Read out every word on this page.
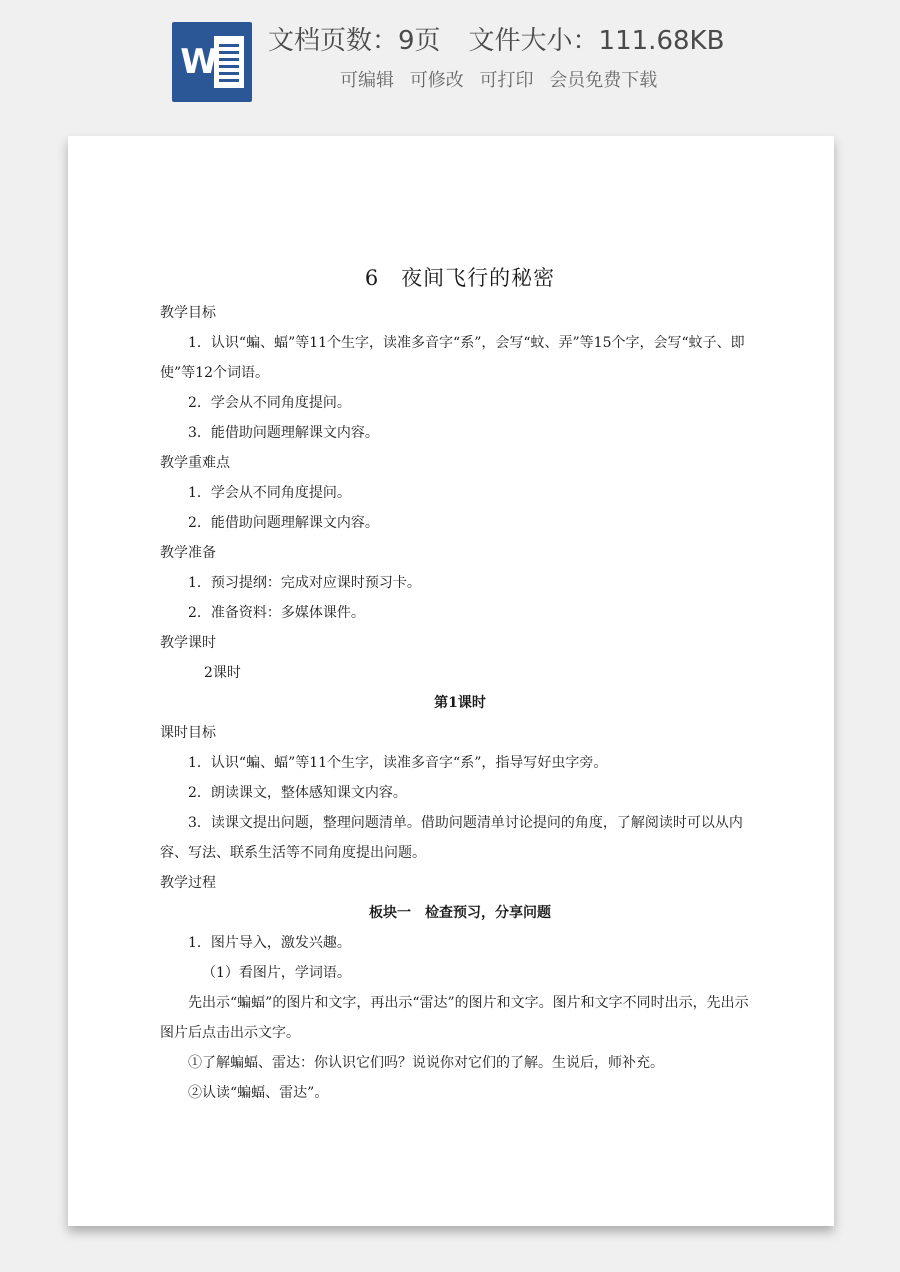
W
文档页数：9页 文件大小：111.68KB
可编辑 可修改 可打印 会员免费下载
6　夜间飞行的秘密
教学目标
1．认识“蝙、蝠”等11个生字，读准多音字“系”，会写“蚊、弄”等15个字，会写“蚊子、即使”等12个词语。
2．学会从不同角度提问。
3．能借助问题理解课文内容。
教学重难点
1．学会从不同角度提问。
2．能借助问题理解课文内容。
教学准备
1．预习提纲：完成对应课时预习卡。
2．准备资料：多媒体课件。
教学课时
2课时
第1课时
课时目标
1．认识“蝙、蝠”等11个生字，读准多音字“系”，指导写好虫字旁。
2．朗读课文，整体感知课文内容。
3．读课文提出问题，整理问题清单。借助问题清单讨论提问的角度，了解阅读时可以从内容、写法、联系生活等不同角度提出问题。
教学过程
板块一　检查预习，分享问题
1．图片导入，激发兴趣。
（1）看图片，学词语。
先出示“蝙蝠”的图片和文字，再出示“雷达”的图片和文字。图片和文字不同时出示，先出示图片后点击出示文字。
①了解蝙蝠、雷达：你认识它们吗？说说你对它们的了解。生说后，师补充。
②认读“蝙蝠、雷达”。
